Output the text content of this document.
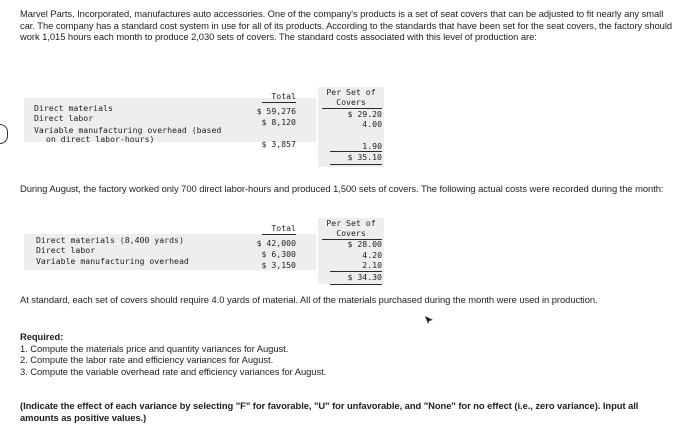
Marvel Parts, Incorporated, manufactures auto accessories. One of the company's products is a set of seat covers that can be adjusted to fit nearly any small car. The company has a standard cost system in use for all of its products. According to the standards that have been set for the seat covers, the factory should work 1,015 hours each month to produce 2,030 sets of covers. The standard costs associated with this level of production are:
Total	Per Set of
Covers
Direct materials	$ 59,276	$ 29.20
Direct labor	$ 8,120	4.00
Variable manufacturing overhead (based
on direct labor-hours)	$ 3,857	1.90
$ 35.10
During August, the factory worked only 700 direct labor-hours and produced 1,500 sets of covers. The following actual costs were recorded during the month:
Total	Per Set of
Covers
Direct materials (8,400 yards)	$ 42,000	$ 28.00
Direct labor	$ 6,300	4.20
Variable manufacturing overhead	$ 3,150	2.10
$ 34.30
At standard, each set of covers should require 4.0 yards of material. All of the materials purchased during the month were used in production.
Required:
1. Compute the materials price and quantity variances for August.
2. Compute the labor rate and efficiency variances for August.
3. Compute the variable overhead rate and efficiency variances for August.
(Indicate the effect of each variance by selecting "F" for favorable, "U" for unfavorable, and "None" for no effect (i.e., zero variance). Input all amounts as positive values.)
